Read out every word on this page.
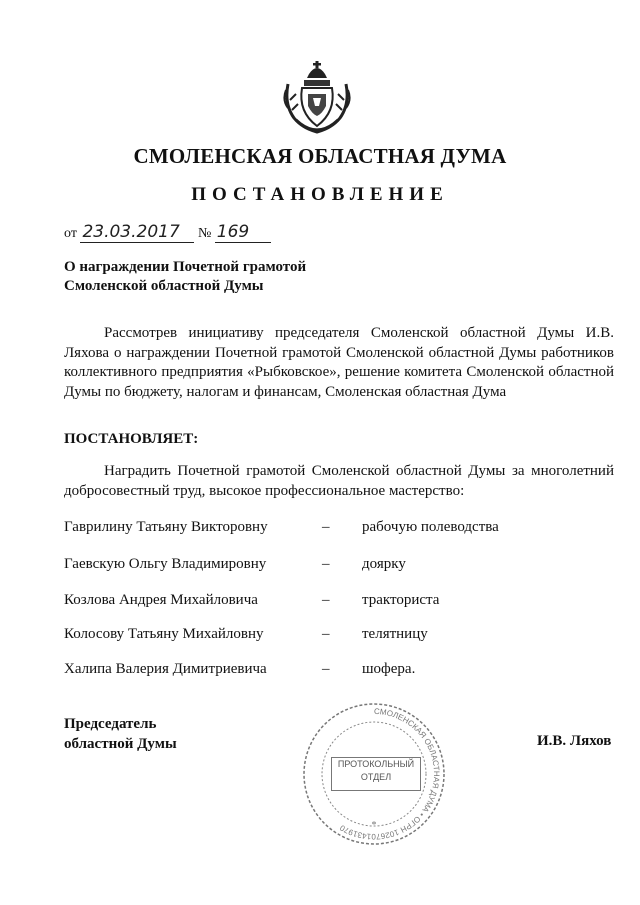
СМОЛЕНСКАЯ ОБЛАСТНАЯ ДУМА
ПОСТАНОВЛЕНИЕ
от 23.03.2017 № 169
О награждении Почетной грамотой
Смоленской областной Думы
Рассмотрев инициативу председателя Смоленской областной Думы И.В. Ляхова о награждении Почетной грамотой Смоленской областной Думы работников коллективного предприятия «Рыбковское», решение комитета Смоленской областной Думы по бюджету, налогам и финансам, Смоленская областная Дума
ПОСТАНОВЛЯЕТ:
Наградить Почетной грамотой Смоленской областной Думы за многолетний добросовестный труд, высокое профессиональное мастерство:
Гаврилину Татьяну Викторовну	– рабочую полеводства
Гаевскую Ольгу Владимировну	– доярку
Козлова Андрея Михайловича	– тракториста
Колосову Татьяну Михайловну	– телятницу
Халипа Валерия Димитриевича	– шофера.
Председатель
областной Думы
СМОЛЕНСКАЯ ОБЛАСТНАЯ ДУМА • ОГРН 1026701431970	*
ПРОТОКОЛЬНЫЙ
ОТДЕЛ
И.В. Ляхов
